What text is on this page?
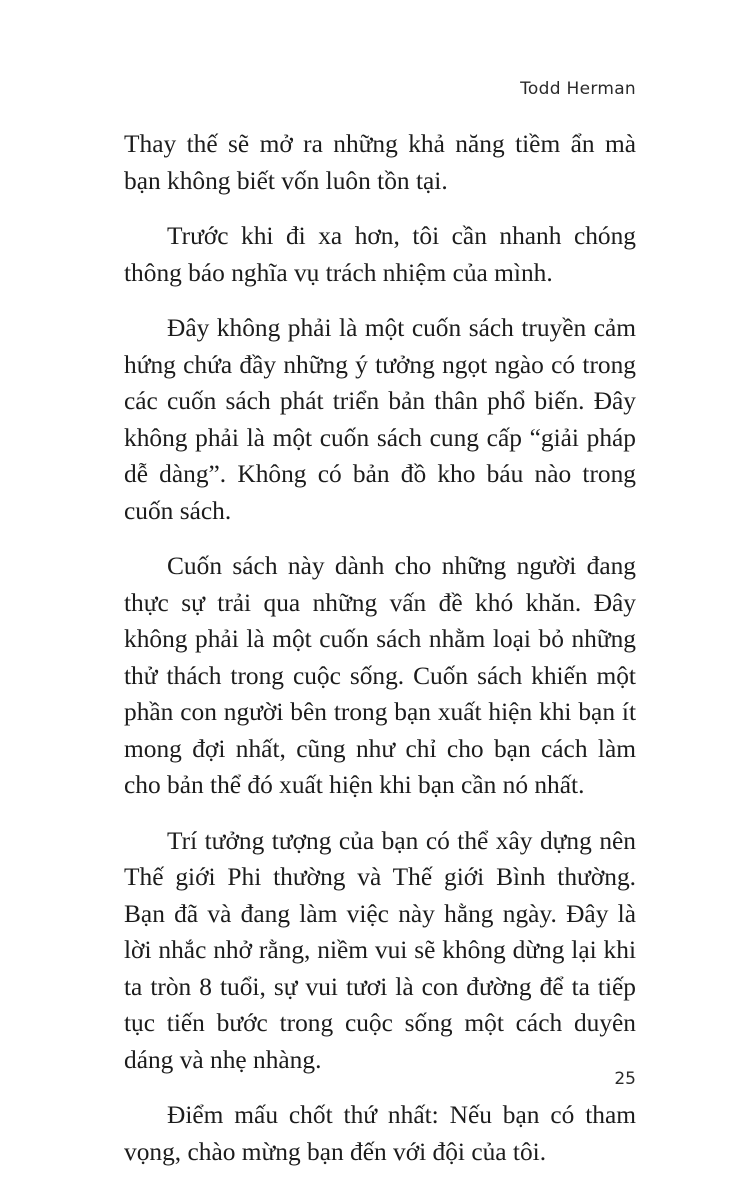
Todd Herman

Thay thế sẽ mở ra những khả năng tiềm ẩn mà bạn không biết vốn luôn tồn tại.

Trước khi đi xa hơn, tôi cần nhanh chóng thông báo nghĩa vụ trách nhiệm của mình.

Đây không phải là một cuốn sách truyền cảm hứng chứa đầy những ý tưởng ngọt ngào có trong các cuốn sách phát triển bản thân phổ biến. Đây không phải là một cuốn sách cung cấp “giải pháp dễ dàng”. Không có bản đồ kho báu nào trong cuốn sách.

Cuốn sách này dành cho những người đang thực sự trải qua những vấn đề khó khăn. Đây không phải là một cuốn sách nhằm loại bỏ những thử thách trong cuộc sống. Cuốn sách khiến một phần con người bên trong bạn xuất hiện khi bạn ít mong đợi nhất, cũng như chỉ cho bạn cách làm cho bản thể đó xuất hiện khi bạn cần nó nhất.

Trí tưởng tượng của bạn có thể xây dựng nên Thế giới Phi thường và Thế giới Bình thường. Bạn đã và đang làm việc này hằng ngày. Đây là lời nhắc nhở rằng, niềm vui sẽ không dừng lại khi ta tròn 8 tuổi, sự vui tươi là con đường để ta tiếp tục tiến bước trong cuộc sống một cách duyên dáng và nhẹ nhàng.

Điểm mấu chốt thứ nhất: Nếu bạn có tham vọng, chào mừng bạn đến với đội của tôi.

25
